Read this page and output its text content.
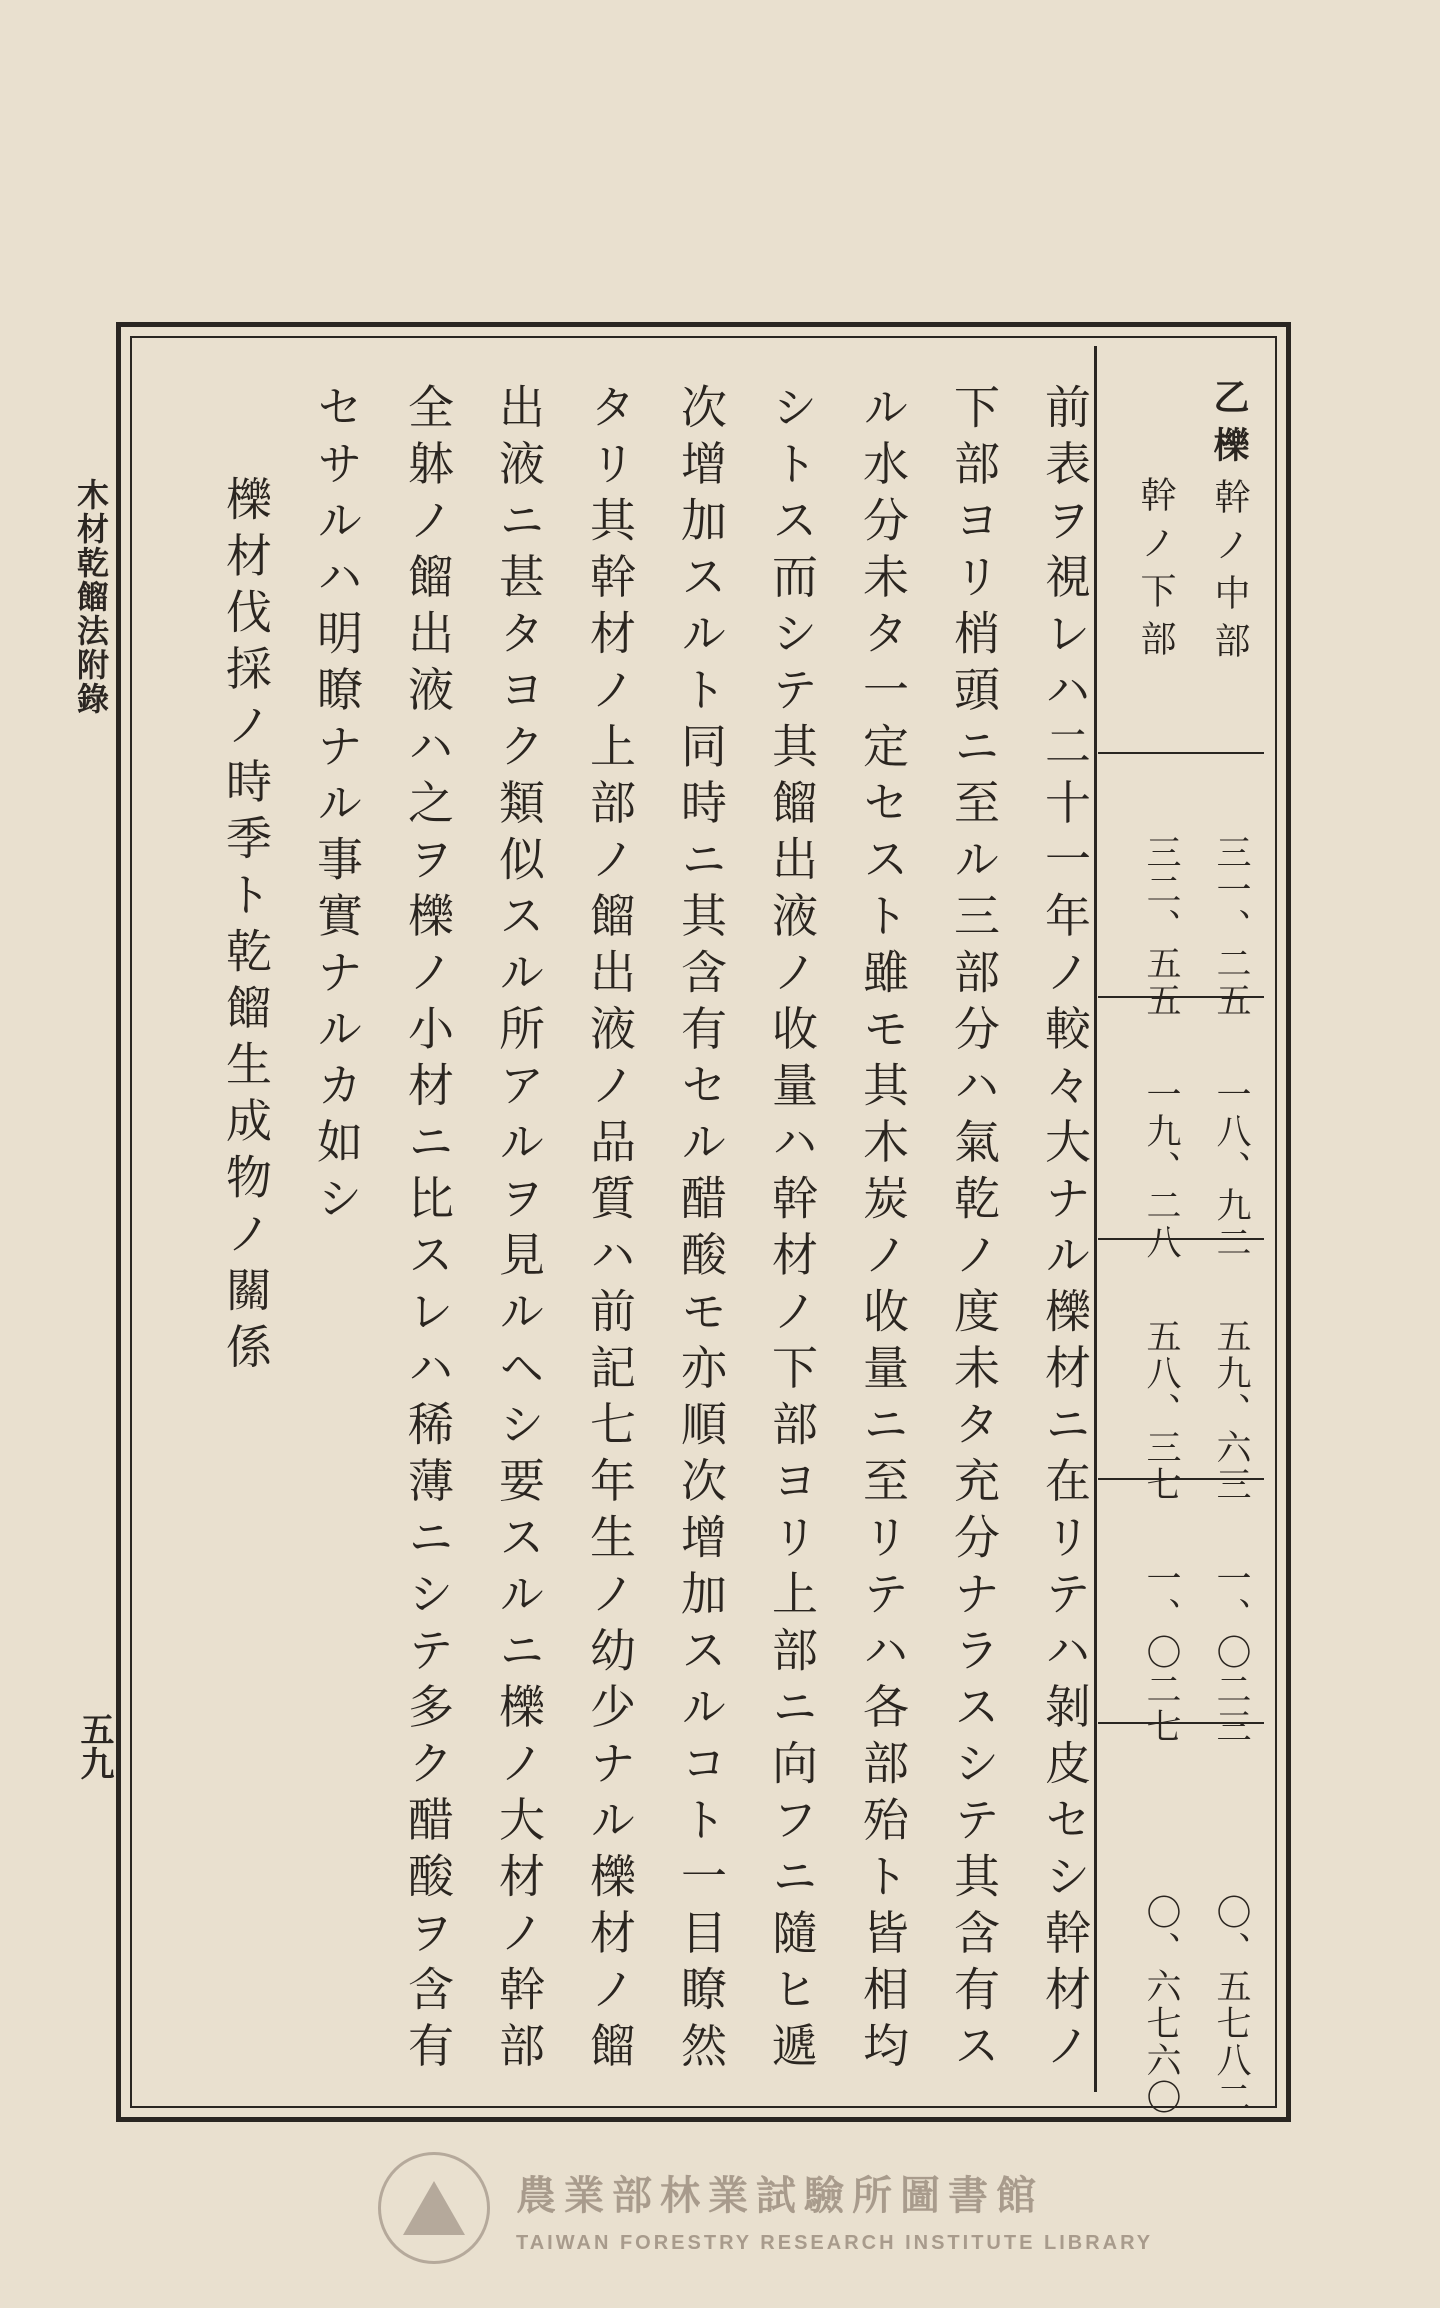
木材乾餾法附錄
五九	前表ヲ視レハ二十一年ノ較々大ナル櫟材ニ在リテハ剝皮セシ幹材ノ

下部ヨリ梢頭ニ至ル三部分ハ氣乾ノ度未タ充分ナラスシテ其含有ス

ル水分未タ一定セスト雖モ其木炭ノ收量ニ至リテハ各部殆ト皆相均

シトス而シテ其餾出液ノ收量ハ幹材ノ下部ヨリ上部ニ向フニ隨ヒ遞

次增加スルト同時ニ其含有セル醋酸モ亦順次增加スルコト一目瞭然

タリ其幹材ノ上部ノ餾出液ノ品質ハ前記七年生ノ幼少ナル櫟材ノ餾

出液ニ甚タヨク類似スル所アルヲ見ルヘシ要スルニ櫟ノ大材ノ幹部

全躰ノ餾出液ハ之ヲ櫟ノ小材ニ比スレハ稀薄ニシテ多ク醋酸ヲ含有

セサルハ明瞭ナル事實ナルカ如シ

櫟材伐採ノ時季ト乾餾生成物ノ關係

乙櫟
幹ノ中部
幹ノ下部
三一、二五
三二、五五
一八、九二
一九、二八
五九、六三
五八、三七
一、〇二三
一、〇二七
〇、五七八二
〇、六七六〇
農業部林業試驗所圖書館
TAIWAN FORESTRY RESEARCH INSTITUTE LIBRARY
